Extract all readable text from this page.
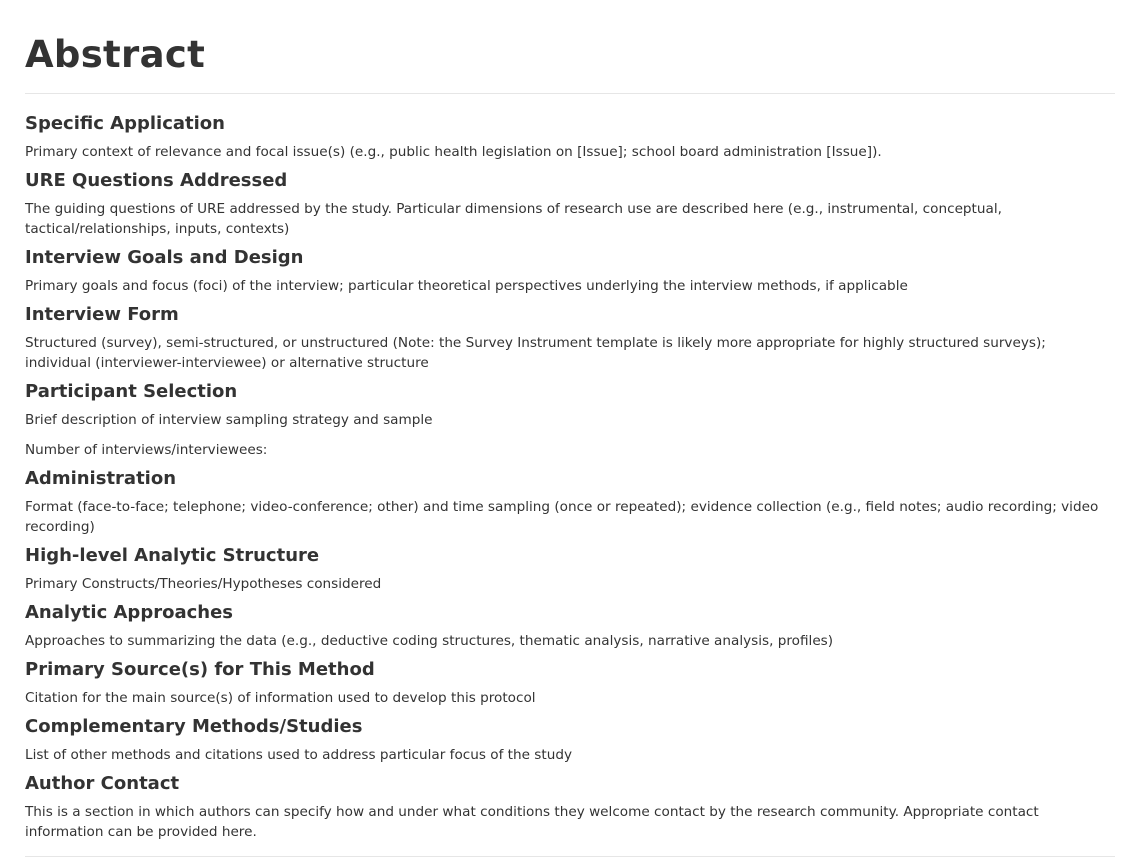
Abstract
Specific Application

Primary context of relevance and focal issue(s) (e.g., public health legislation on [Issue]; school board administration [Issue]).

URE Questions Addressed

The guiding questions of URE addressed by the study. Particular dimensions of research use are described here (e.g., instrumental, conceptual, tactical/relationships, inputs, contexts)

Interview Goals and Design

Primary goals and focus (foci) of the interview; particular theoretical perspectives underlying the interview methods, if applicable

Interview Form

Structured (survey), semi-structured, or unstructured (Note: the Survey Instrument template is likely more appropriate for highly structured surveys); individual (interviewer-interviewee) or alternative structure

Participant Selection

Brief description of interview sampling strategy and sample

Number of interviews/interviewees:

Administration

Format (face-to-face; telephone; video-conference; other) and time sampling (once or repeated); evidence collection (e.g., field notes; audio recording; video recording)

High-level Analytic Structure

Primary Constructs/Theories/Hypotheses considered

Analytic Approaches

Approaches to summarizing the data (e.g., deductive coding structures, thematic analysis, narrative analysis, profiles)

Primary Source(s) for This Method

Citation for the main source(s) of information used to develop this protocol

Complementary Methods/Studies

List of other methods and citations used to address particular focus of the study

Author Contact

This is a section in which authors can specify how and under what conditions they welcome contact by the research community. Appropriate contact information can be provided here.
